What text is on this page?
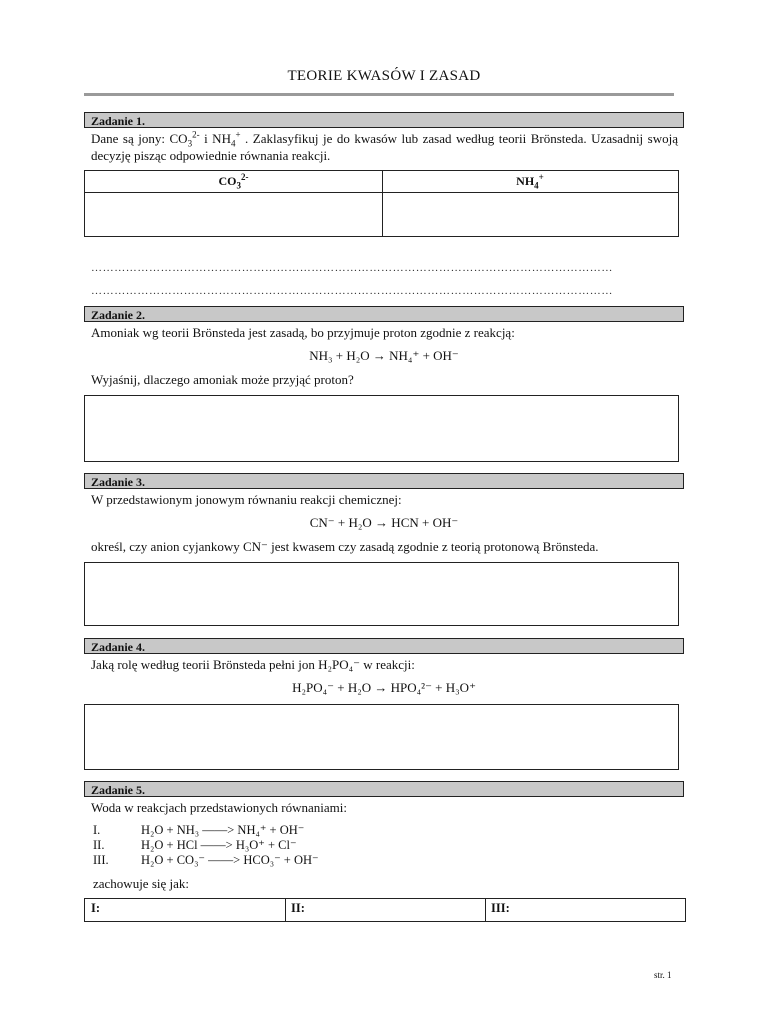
TEORIE KWASÓW I ZASAD
Zadanie 1.
Dane są jony: $CO_3^{2-}$ i $NH_4^+$ . Zaklasyfikuj je do kwasów lub zasad według teorii Brönsteda. Uzasadnij swoją decyzję pisząc odpowiednie równania reakcji.
$CO_3^{2-}$	$NH_4^+$
………………………………………………………………………………………………………………………
………………………………………………………………………………………………………………………
Zadanie 2.
Amoniak wg teorii Brönsteda jest zasadą, bo przyjmuje proton zgodnie z reakcją:
NH₃ + H₂O → NH₄⁺ + OH⁻
Wyjaśnij, dlaczego amoniak może przyjąć proton?
Zadanie 3.
W przedstawionym jonowym równaniu reakcji chemicznej:
CN⁻ + H₂O → HCN + OH⁻
określ, czy anion cyjankowy CN⁻ jest kwasem czy zasadą zgodnie z teorią protonową Brönsteda.
Zadanie 4.
Jaką rolę według teorii Brönsteda pełni jon H₂PO₄⁻ w reakcji:
H₂PO₄⁻ + H₂O → HPO₄²⁻ + H₃O⁺
Zadanie 5.
Woda w reakcjach przedstawionych równaniami:
I.	H₂O + NH₃ ——> NH₄⁺ + OH⁻
II.	H₂O + HCl ——> H₃O⁺ + Cl⁻
III.	H₂O + CO₃⁻ ——> HCO₃⁻ + OH⁻
zachowuje się jak:
I:	II:	III:
str. 1
